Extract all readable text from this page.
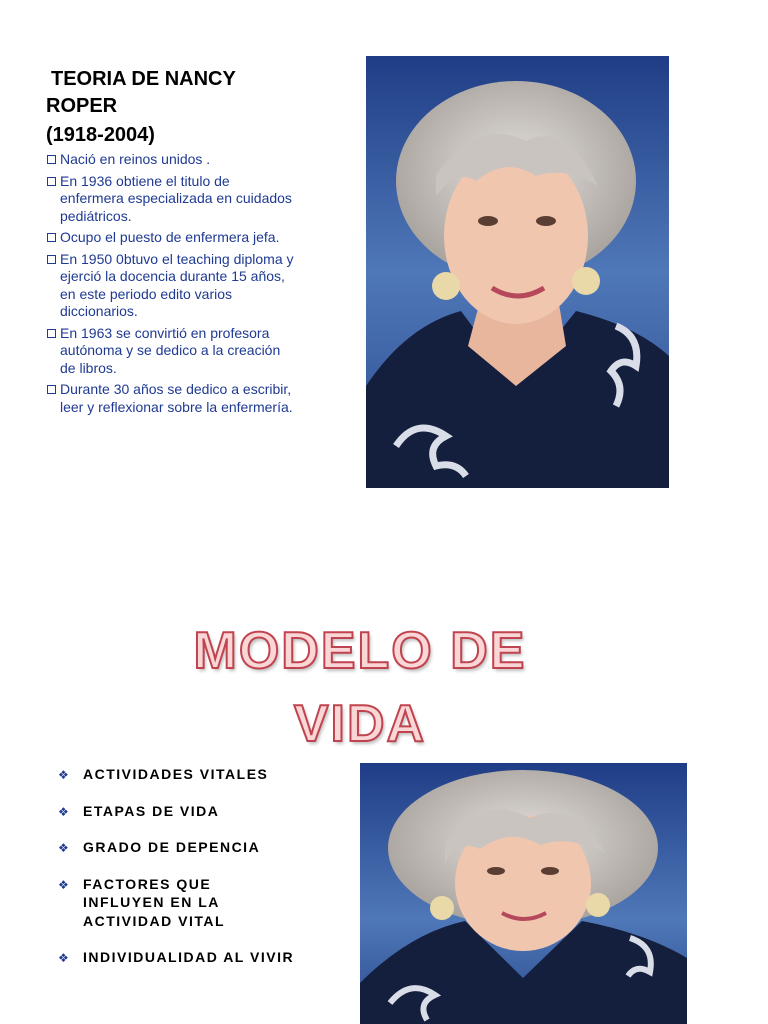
TEORIA DE NANCY ROPER
(1918-2004)
Nació en reinos unidos .
En 1936 obtiene el titulo de enfermera especializada en cuidados pediátricos.
Ocupo el puesto de enfermera jefa.
En 1950 0btuvo el teaching diploma y ejerció la docencia durante 15 años, en este periodo edito varios diccionarios.
En 1963 se convirtió en profesora autónoma y se dedico a la creación de libros.
Durante 30 años se dedico a escribir, leer y reflexionar sobre la enfermería.
MODELO DE
VIDA
❖ ACTIVIDADES VITALES
❖ ETAPAS DE VIDA
❖ GRADO DE DEPENCIA
❖ FACTORES QUE INFLUYEN EN LA ACTIVIDAD VITAL
❖ INDIVIDUALIDAD AL VIVIR
